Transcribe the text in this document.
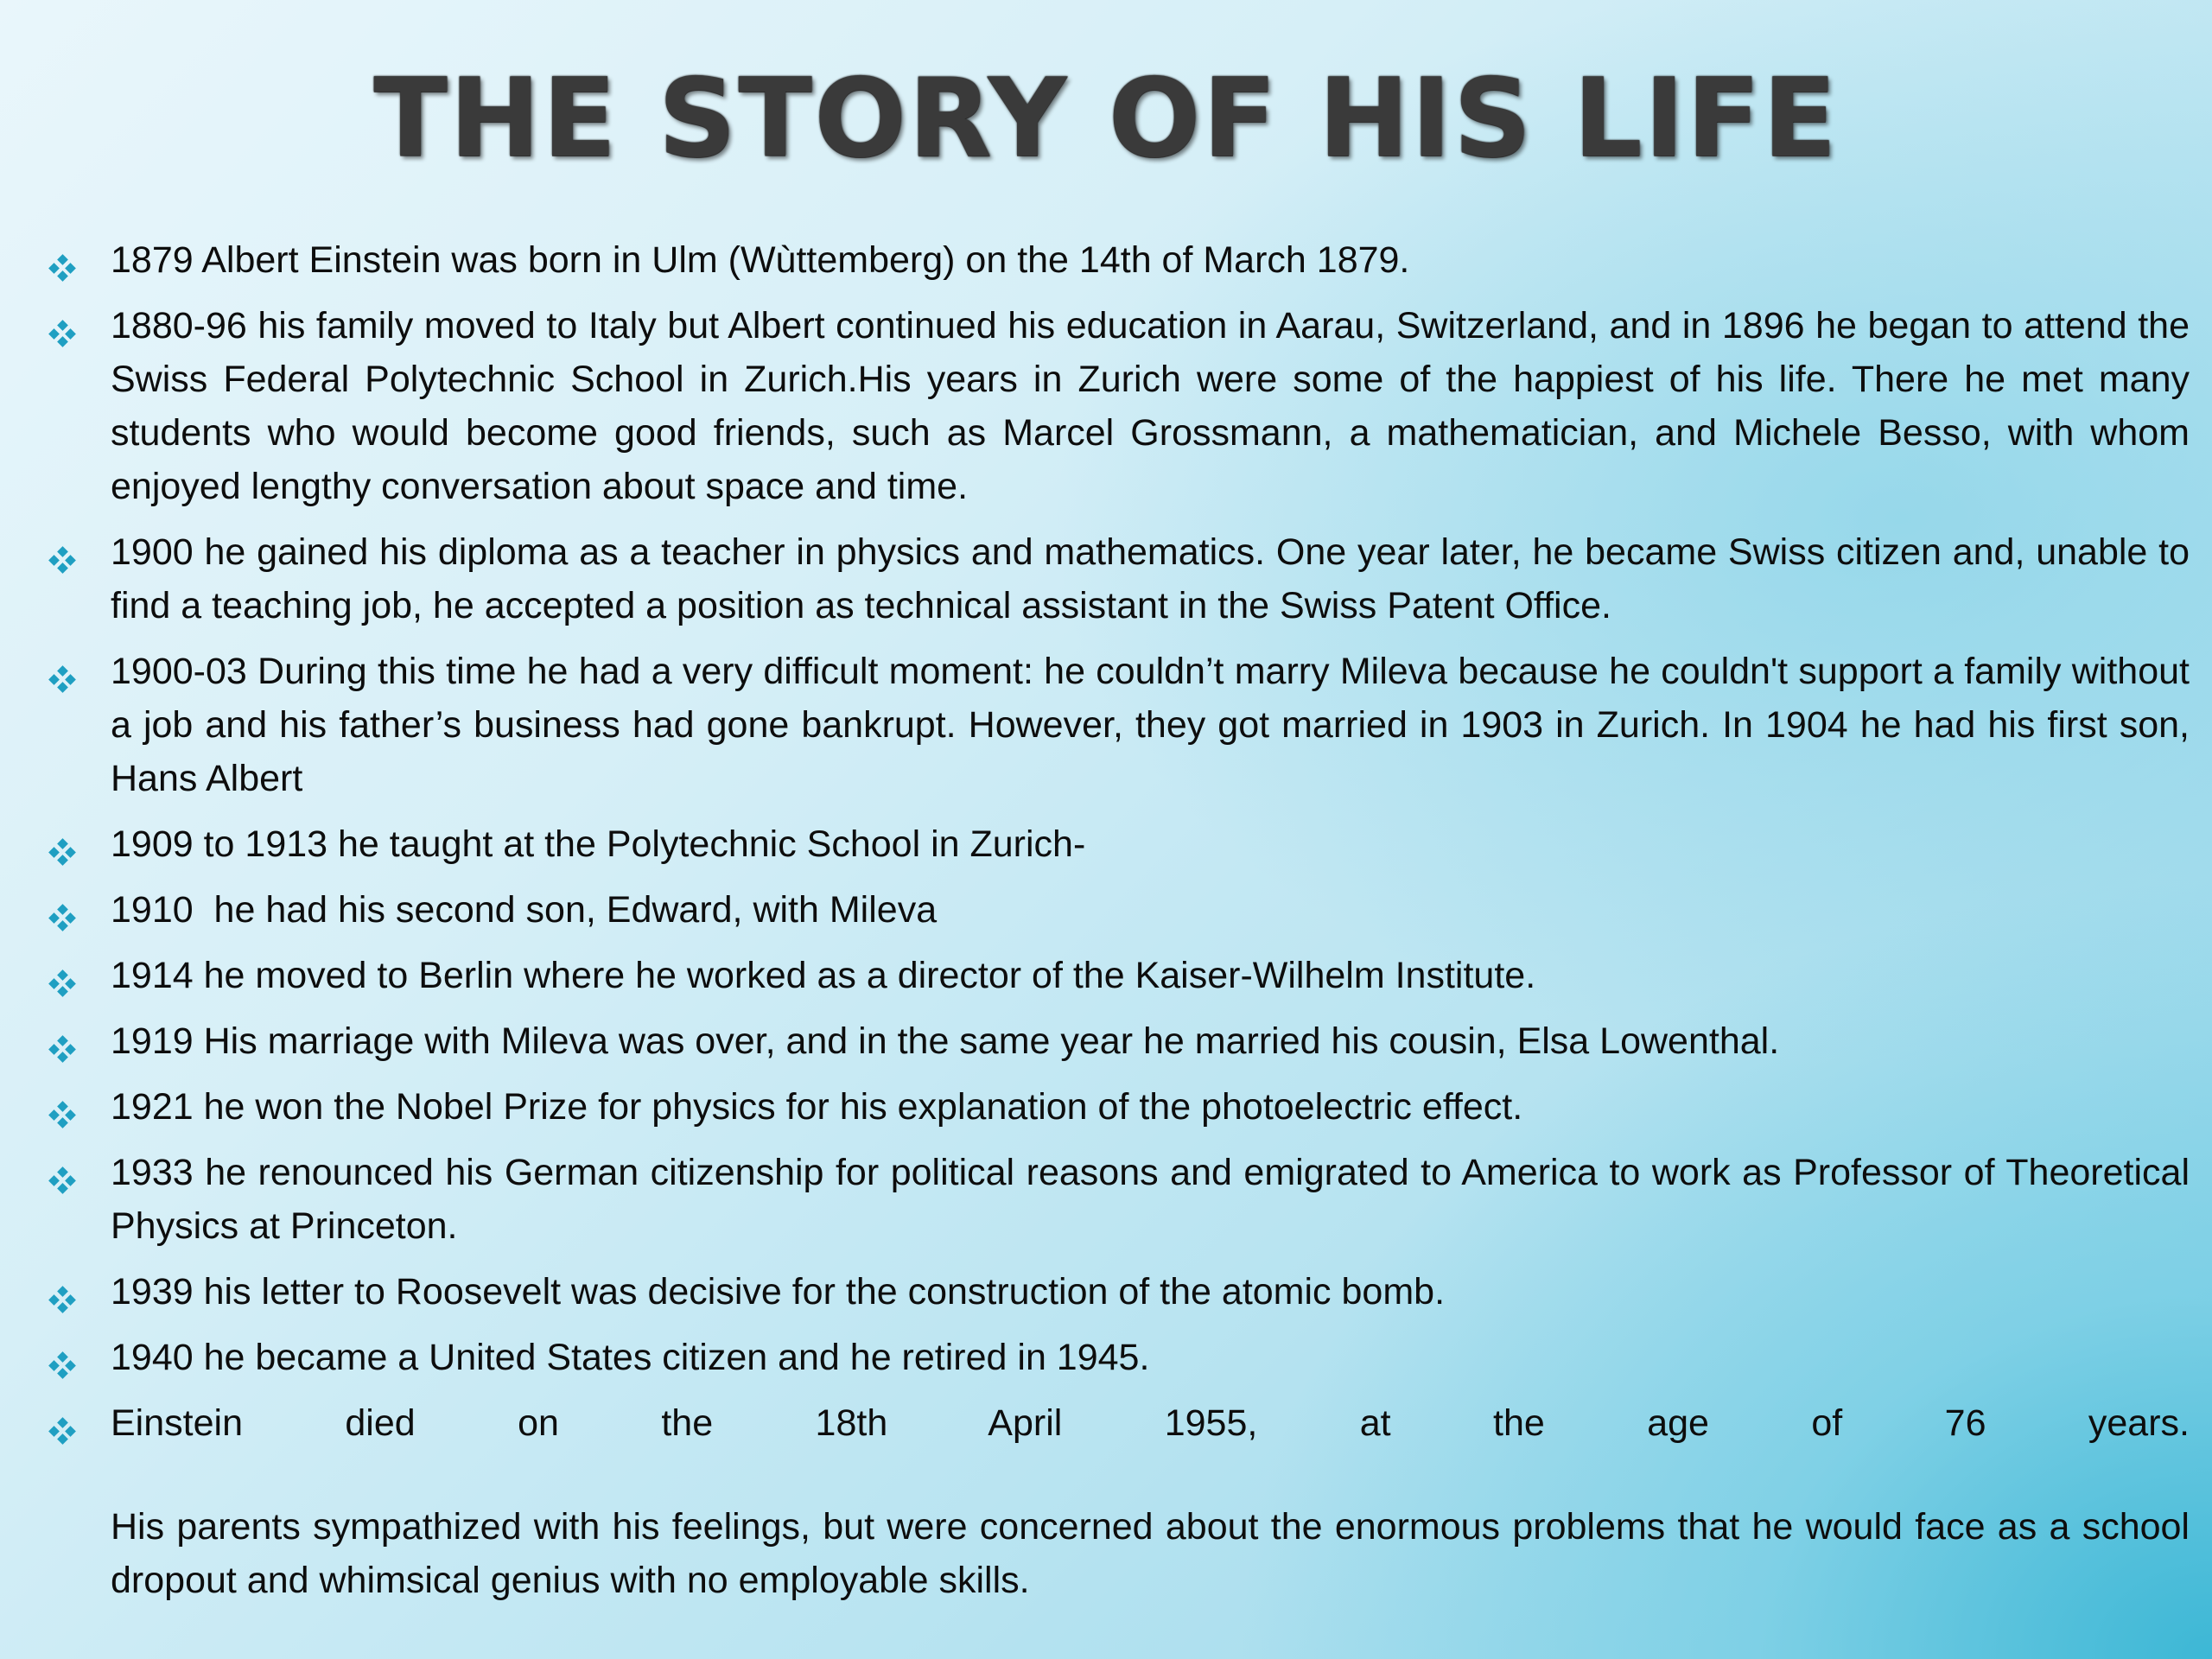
THE STORY OF HIS LIFE
1879 Albert Einstein was born in Ulm (Wùttemberg) on the 14th of March 1879.
1880-96 his family moved to Italy but Albert continued his education in Aarau, Switzerland, and in 1896 he began to attend the Swiss Federal Polytechnic School in Zurich.His years in Zurich were some of the happiest of his life. There he met many students who would become good friends, such as Marcel Grossmann, a mathematician, and Michele Besso, with whom enjoyed lengthy conversation about space and time.
1900 he gained his diploma as a teacher in physics and mathematics. One year later, he became Swiss citizen and, unable to find a teaching job, he accepted a position as technical assistant in the Swiss Patent Office.
1900-03 During this time he had a very difficult moment: he couldn’t marry Mileva because he couldn't support a family without a job and his father’s business had gone bankrupt. However, they got married in 1903 in Zurich. In 1904 he had his first son, Hans Albert
1909 to 1913 he taught at the Polytechnic School in Zurich-
1910  he had his second son, Edward, with Mileva
1914 he moved to Berlin where he worked as a director of the Kaiser-Wilhelm Institute.
1919 His marriage with Mileva was over, and in the same year he married his cousin, Elsa Lowenthal.
1921 he won the Nobel Prize for physics for his explanation of the photoelectric effect.
1933 he renounced his German citizenship for political reasons and emigrated to America to work as Professor of Theoretical Physics at Princeton.
1939 his letter to Roosevelt was decisive for the construction of the atomic bomb.
1940 he became a United States citizen and he retired in 1945.
Einstein died on the 18th April 1955, at the age of 76 years.

His parents sympathized with his feelings, but were concerned about the enormous problems that he would face as a school dropout and whimsical genius with no employable skills.
